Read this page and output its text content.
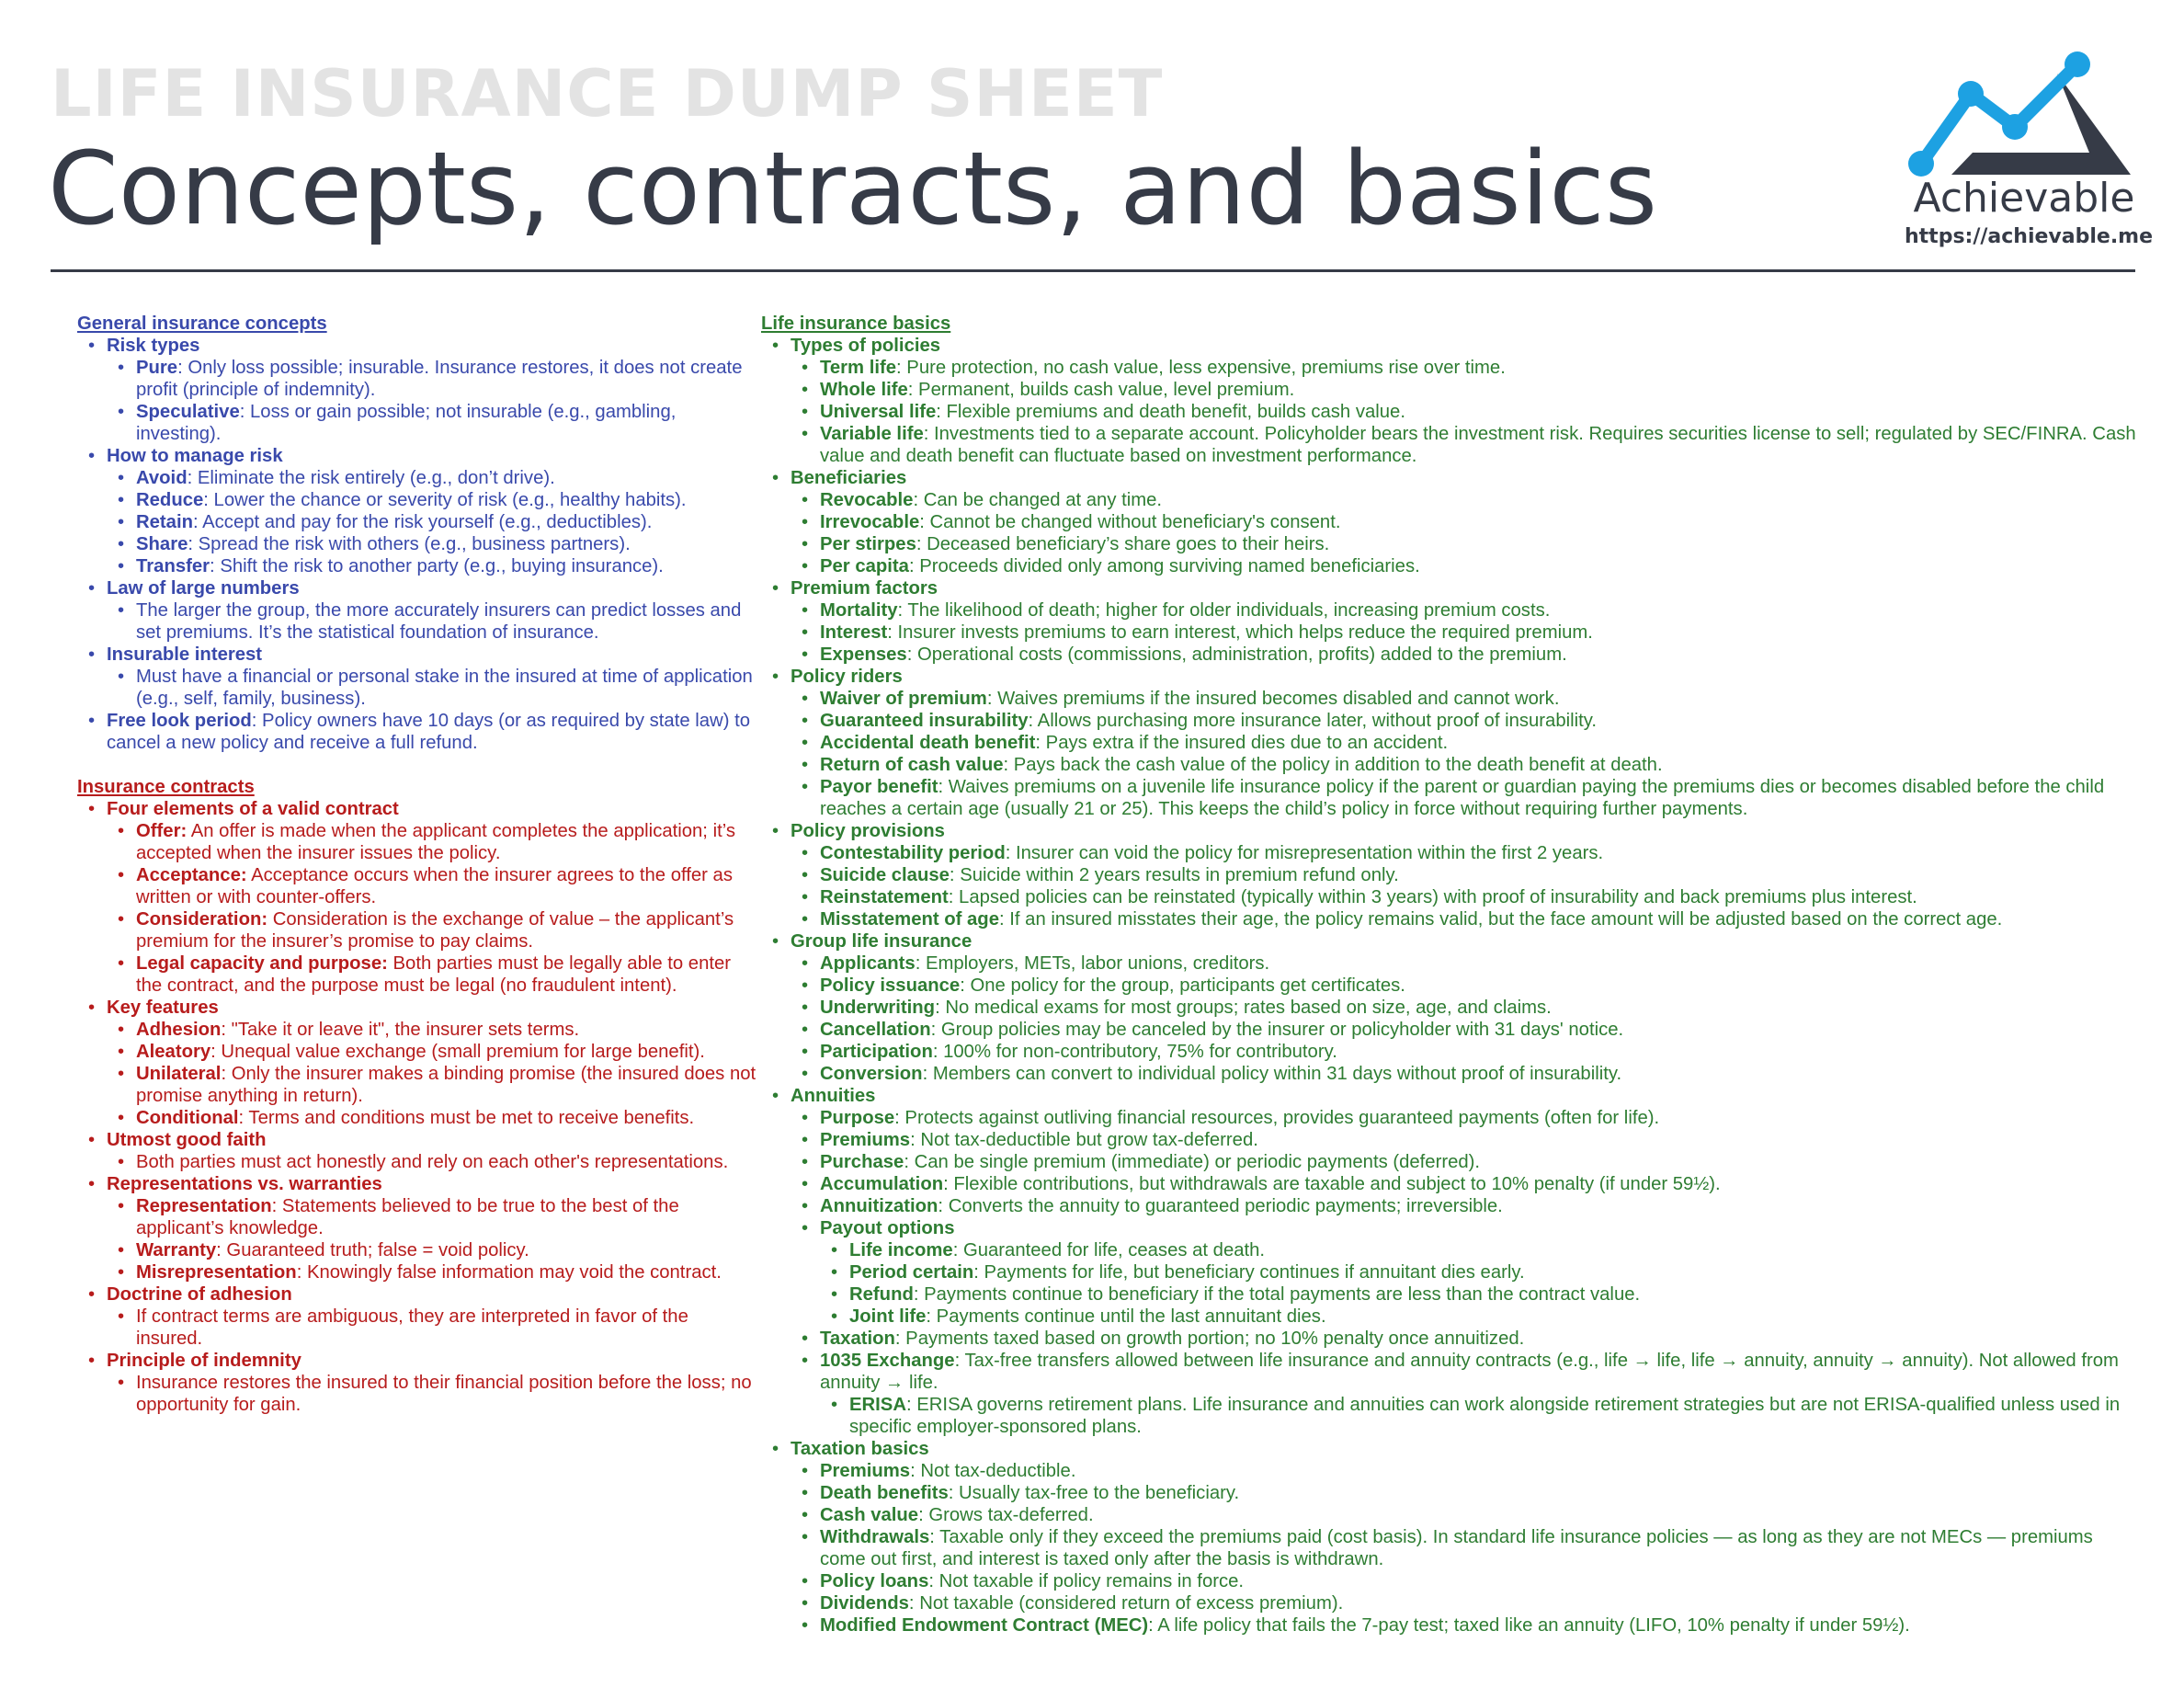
LIFE INSURANCE DUMP SHEET
Concepts, contracts, and basics	Achievable
https://achievable.me
General insurance concepts
• Risk types
• Pure: Only loss possible; insurable. Insurance restores, it does not create profit (principle of indemnity).
• Speculative: Loss or gain possible; not insurable (e.g., gambling, investing).
• How to manage risk
• Avoid: Eliminate the risk entirely (e.g., don’t drive).
• Reduce: Lower the chance or severity of risk (e.g., healthy habits).
• Retain: Accept and pay for the risk yourself (e.g., deductibles).
• Share: Spread the risk with others (e.g., business partners).
• Transfer: Shift the risk to another party (e.g., buying insurance).
• Law of large numbers
• The larger the group, the more accurately insurers can predict losses and set premiums. It’s the statistical foundation of insurance.
• Insurable interest
• Must have a financial or personal stake in the insured at time of application (e.g., self, family, business).
• Free look period: Policy owners have 10 days (or as required by state law) to cancel a new policy and receive a full refund.
Insurance contracts
• Four elements of a valid contract
• Offer: An offer is made when the applicant completes the application; it’s accepted when the insurer issues the policy.
• Acceptance: Acceptance occurs when the insurer agrees to the offer as written or with counter-offers.
• Consideration: Consideration is the exchange of value – the applicant’s premium for the insurer’s promise to pay claims.
• Legal capacity and purpose: Both parties must be legally able to enter the contract, and the purpose must be legal (no fraudulent intent).
• Key features
• Adhesion: "Take it or leave it", the insurer sets terms.
• Aleatory: Unequal value exchange (small premium for large benefit).
• Unilateral: Only the insurer makes a binding promise (the insured does not promise anything in return).
• Conditional: Terms and conditions must be met to receive benefits.
• Utmost good faith
• Both parties must act honestly and rely on each other's representations.
• Representations vs. warranties
• Representation: Statements believed to be true to the best of the applicant’s knowledge.
• Warranty: Guaranteed truth; false = void policy.
• Misrepresentation: Knowingly false information may void the contract.
• Doctrine of adhesion
• If contract terms are ambiguous, they are interpreted in favor of the insured.
• Principle of indemnity
• Insurance restores the insured to their financial position before the loss; no opportunity for gain.
Life insurance basics
• Types of policies
• Term life: Pure protection, no cash value, less expensive, premiums rise over time.
• Whole life: Permanent, builds cash value, level premium.
• Universal life: Flexible premiums and death benefit, builds cash value.
• Variable life: Investments tied to a separate account. Policyholder bears the investment risk. Requires securities license to sell; regulated by SEC/FINRA. Cash value and death benefit can fluctuate based on investment performance.
• Beneficiaries
• Revocable: Can be changed at any time.
• Irrevocable: Cannot be changed without beneficiary's consent.
• Per stirpes: Deceased beneficiary’s share goes to their heirs.
• Per capita: Proceeds divided only among surviving named beneficiaries.
• Premium factors
• Mortality: The likelihood of death; higher for older individuals, increasing premium costs.
• Interest: Insurer invests premiums to earn interest, which helps reduce the required premium.
• Expenses: Operational costs (commissions, administration, profits) added to the premium.
• Policy riders
• Waiver of premium: Waives premiums if the insured becomes disabled and cannot work.
• Guaranteed insurability: Allows purchasing more insurance later, without proof of insurability.
• Accidental death benefit: Pays extra if the insured dies due to an accident.
• Return of cash value: Pays back the cash value of the policy in addition to the death benefit at death.
• Payor benefit: Waives premiums on a juvenile life insurance policy if the parent or guardian paying the premiums dies or becomes disabled before the child reaches a certain age (usually 21 or 25). This keeps the child’s policy in force without requiring further payments.
• Policy provisions
• Contestability period: Insurer can void the policy for misrepresentation within the first 2 years.
• Suicide clause: Suicide within 2 years results in premium refund only.
• Reinstatement: Lapsed policies can be reinstated (typically within 3 years) with proof of insurability and back premiums plus interest.
• Misstatement of age: If an insured misstates their age, the policy remains valid, but the face amount will be adjusted based on the correct age.
• Group life insurance
• Applicants: Employers, METs, labor unions, creditors.
• Policy issuance: One policy for the group, participants get certificates.
• Underwriting: No medical exams for most groups; rates based on size, age, and claims.
• Cancellation: Group policies may be canceled by the insurer or policyholder with 31 days' notice.
• Participation: 100% for non-contributory, 75% for contributory.
• Conversion: Members can convert to individual policy within 31 days without proof of insurability.
• Annuities
• Purpose: Protects against outliving financial resources, provides guaranteed payments (often for life).
• Premiums: Not tax-deductible but grow tax-deferred.
• Purchase: Can be single premium (immediate) or periodic payments (deferred).
• Accumulation: Flexible contributions, but withdrawals are taxable and subject to 10% penalty (if under 59½).
• Annuitization: Converts the annuity to guaranteed periodic payments; irreversible.
• Payout options
• Life income: Guaranteed for life, ceases at death.
• Period certain: Payments for life, but beneficiary continues if annuitant dies early.
• Refund: Payments continue to beneficiary if the total payments are less than the contract value.
• Joint life: Payments continue until the last annuitant dies.
• Taxation: Payments taxed based on growth portion; no 10% penalty once annuitized.
• 1035 Exchange: Tax-free transfers allowed between life insurance and annuity contracts (e.g., life → life, life → annuity, annuity → annuity). Not allowed from annuity → life.
• ERISA: ERISA governs retirement plans. Life insurance and annuities can work alongside retirement strategies but are not ERISA-qualified unless used in specific employer-sponsored plans.
• Taxation basics
• Premiums: Not tax-deductible.
• Death benefits: Usually tax-free to the beneficiary.
• Cash value: Grows tax-deferred.
• Withdrawals: Taxable only if they exceed the premiums paid (cost basis). In standard life insurance policies — as long as they are not MECs — premiums come out first, and interest is taxed only after the basis is withdrawn.
• Policy loans: Not taxable if policy remains in force.
• Dividends: Not taxable (considered return of excess premium).
• Modified Endowment Contract (MEC): A life policy that fails the 7-pay test; taxed like an annuity (LIFO, 10% penalty if under 59½).
